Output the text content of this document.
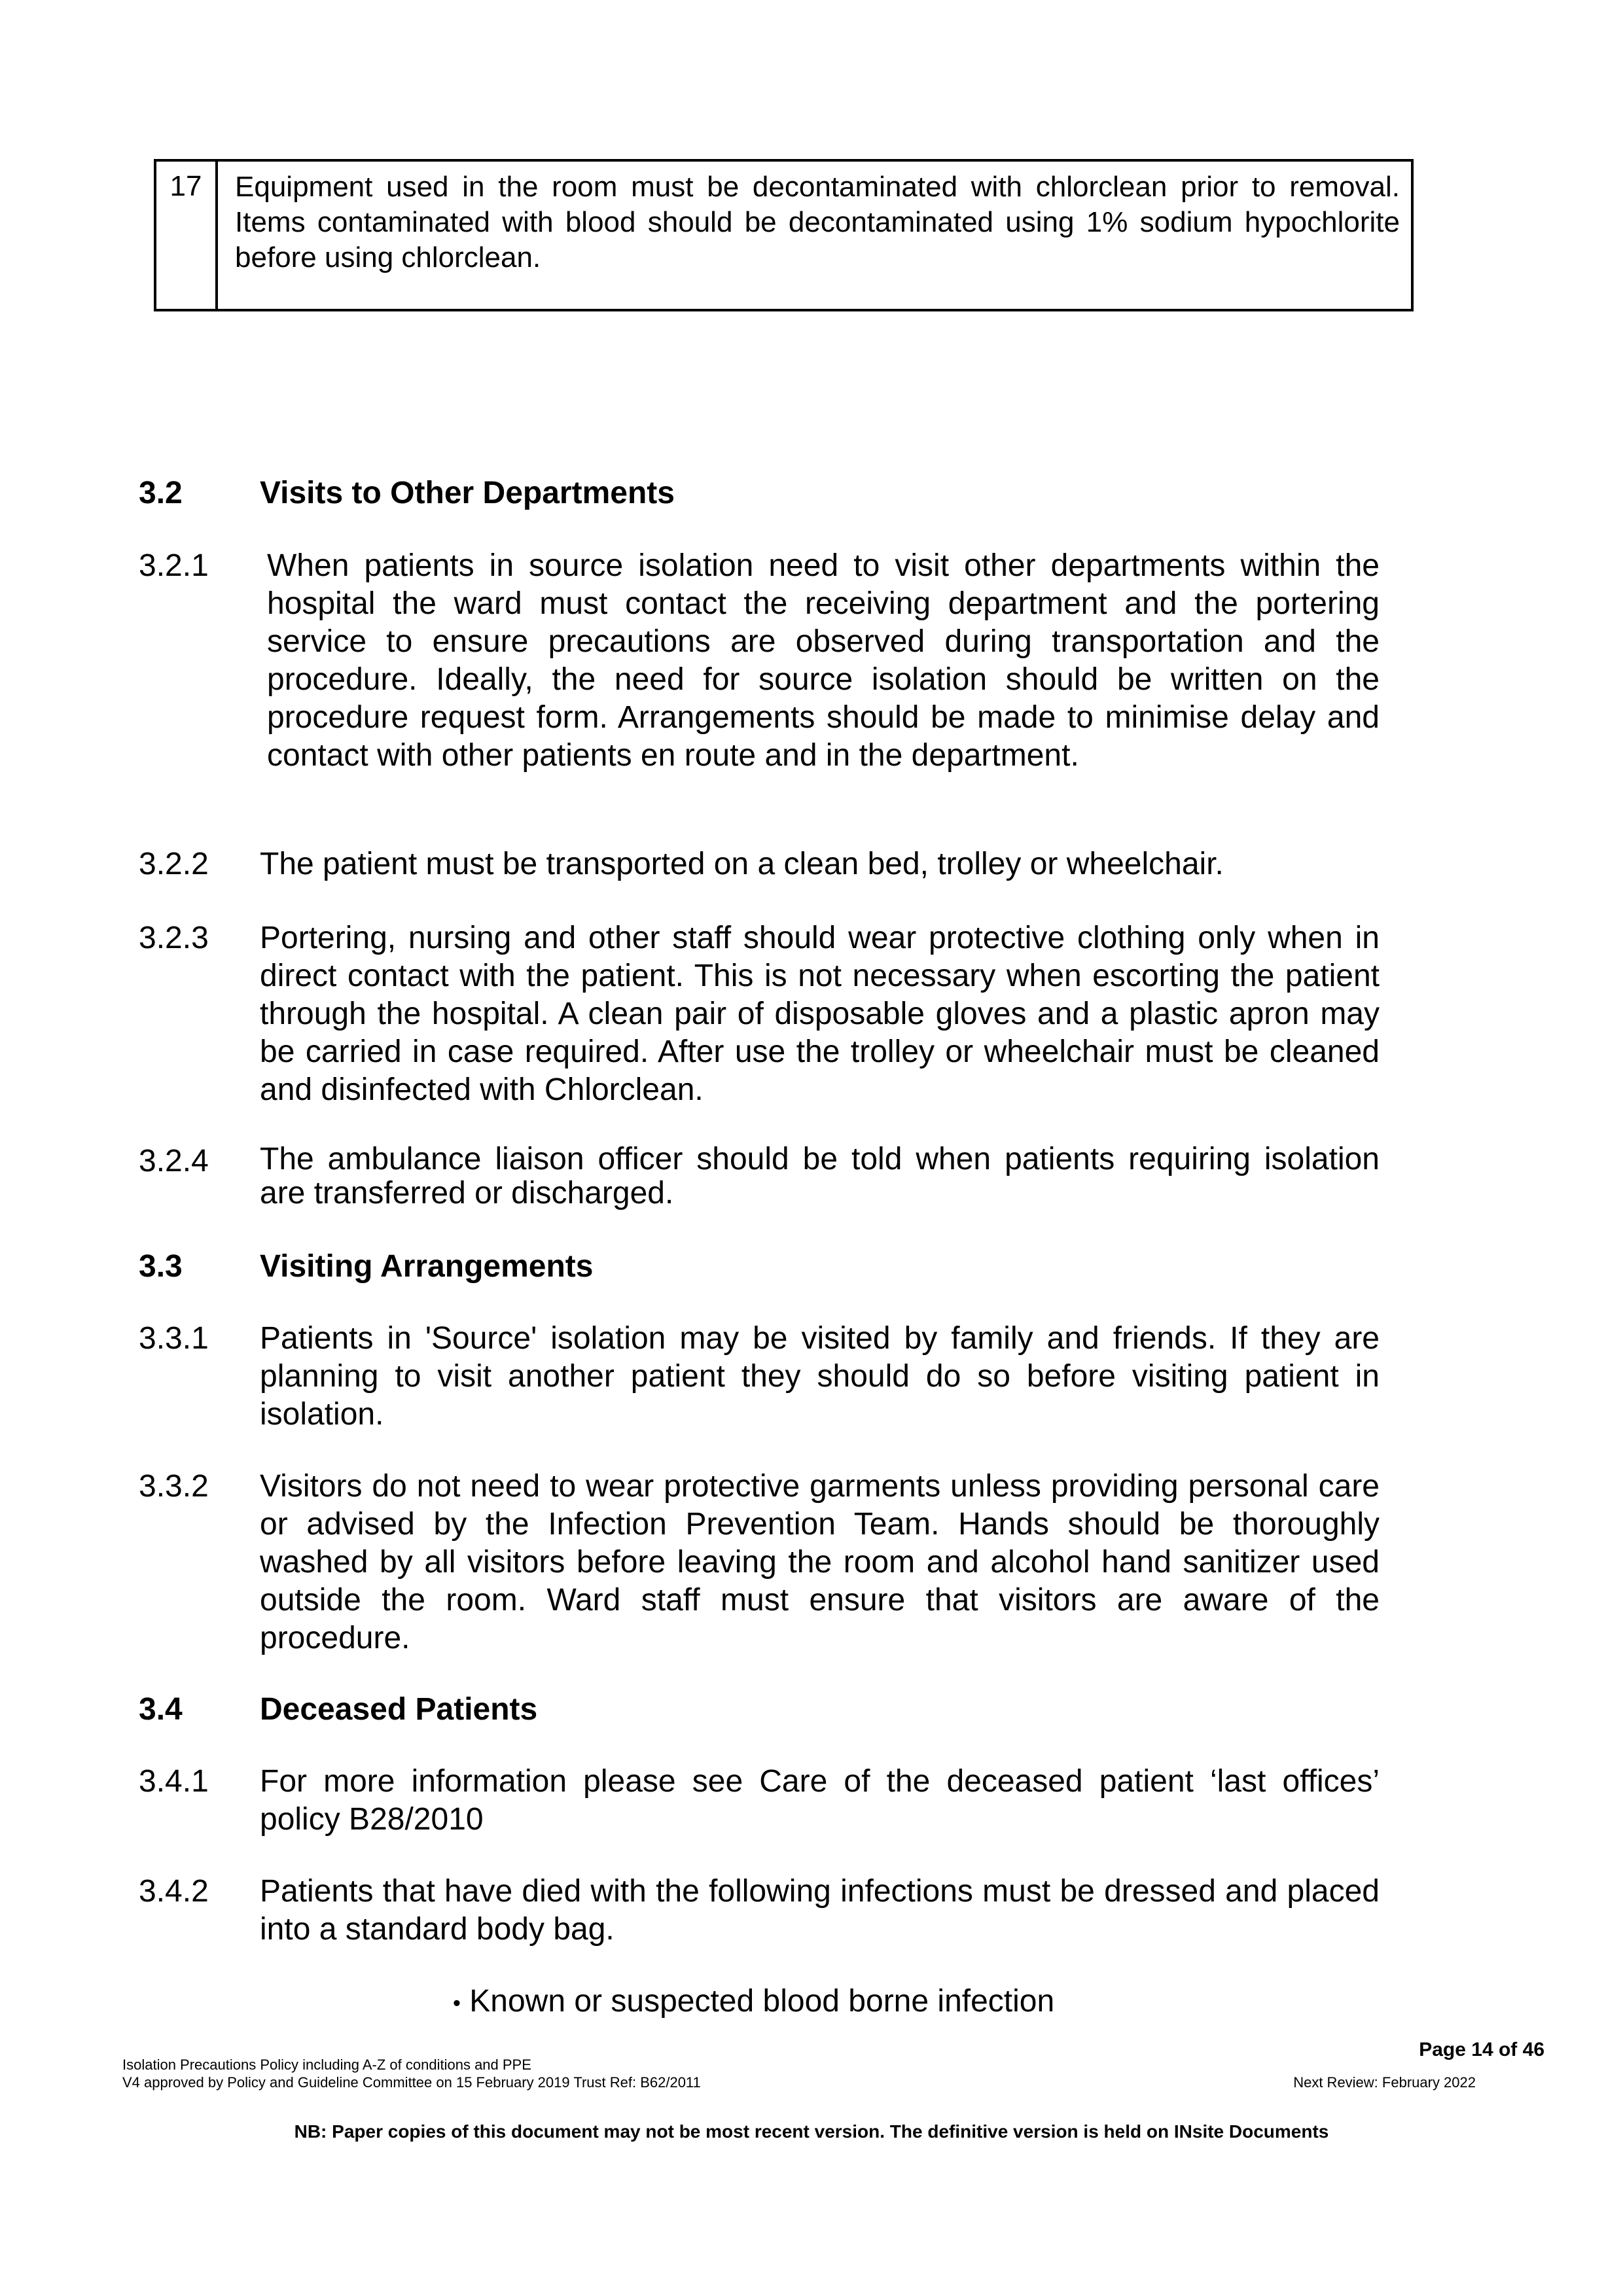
17	Equipment used in the room must be decontaminated with chlorclean prior to removal. Items contaminated with blood should be decontaminated using 1% sodium hypochlorite before using chlorclean.
3.2 Visits to Other Departments
3.2.1 When patients in source isolation need to visit other departments within the hospital the ward must contact the receiving department and the portering service to ensure precautions are observed during transportation and the procedure. Ideally, the need for source isolation should be written on the procedure request form. Arrangements should be made to minimise delay and contact with other patients en route and in the department.
3.2.2 The patient must be transported on a clean bed, trolley or wheelchair.
3.2.3 Portering, nursing and other staff should wear protective clothing only when in direct contact with the patient. This is not necessary when escorting the patient through the hospital. A clean pair of disposable gloves and a plastic apron may be carried in case required. After use the trolley or wheelchair must be cleaned and disinfected with Chlorclean.
3.2.4 The ambulance liaison officer should be told when patients requiring isolation are transferred or discharged.
3.3 Visiting Arrangements
3.3.1 Patients in 'Source' isolation may be visited by family and friends. If they are planning to visit another patient they should do so before visiting patient in isolation.
3.3.2 Visitors do not need to wear protective garments unless providing personal care or advised by the Infection Prevention Team. Hands should be thoroughly washed by all visitors before leaving the room and alcohol hand sanitizer used outside the room. Ward staff must ensure that visitors are aware of the procedure.
3.4 Deceased Patients
3.4.1 For more information please see Care of the deceased patient ‘last offices’ policy B28/2010
3.4.2 Patients that have died with the following infections must be dressed and placed into a standard body bag.
• Known or suspected blood borne infection
Page 14 of 46
Isolation Precautions Policy including A-Z of conditions and PPE
V4 approved by Policy and Guideline Committee on 15 February 2019 Trust Ref: B62/2011	Next Review: February 2022
NB: Paper copies of this document may not be most recent version. The definitive version is held on INsite Documents
